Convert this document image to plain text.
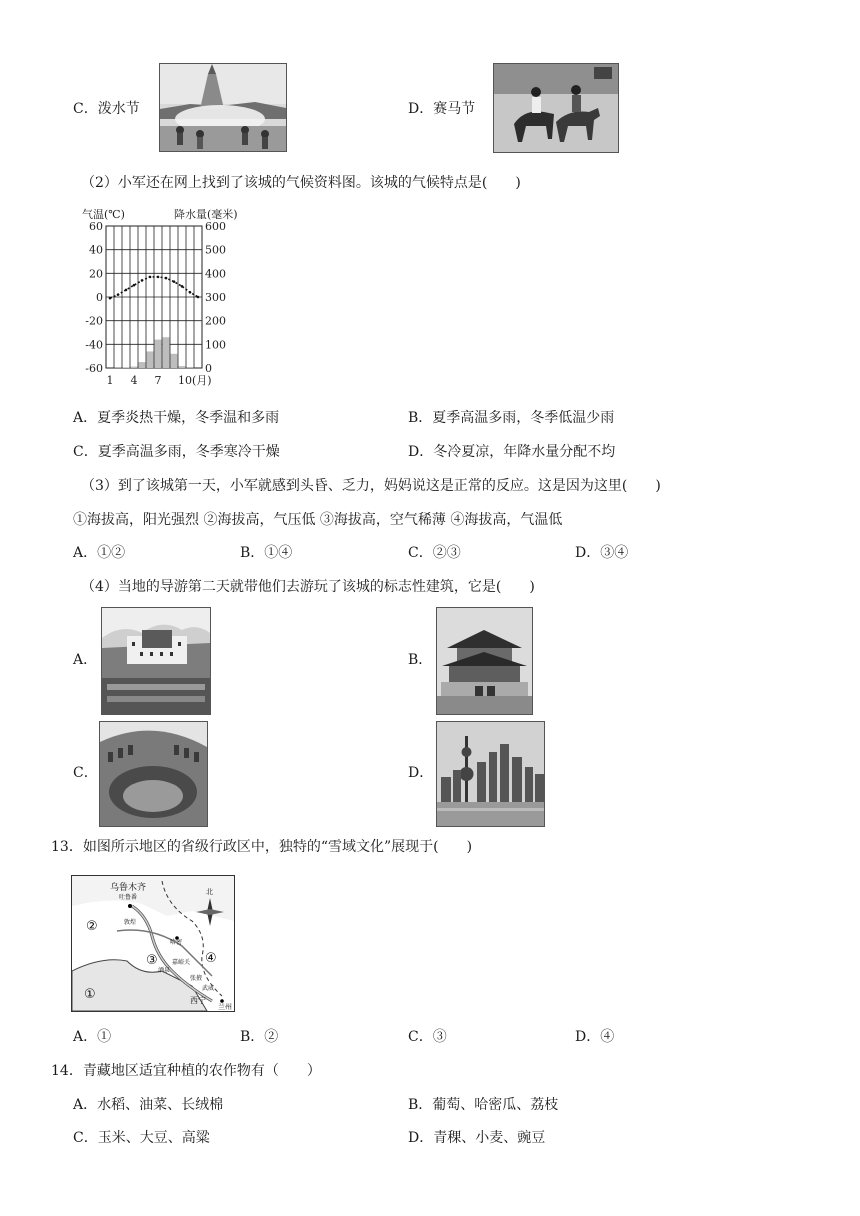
C．泼水节	D．赛马节
（2）小军还在网上找到了该城的气候资料图。该城的气候特点是(　　)
气温(℃)	降水量(毫米)
60
40
20
0
-20
-40
-60
600
500
400
300
200
100
0
1 4 7 10(月)
A．夏季炎热干燥，冬季温和多雨	B．夏季高温多雨，冬季低温少雨
C．夏季高温多雨，冬季寒冷干燥	D．冬冷夏凉，年降水量分配不均
（3）到了该城第一天，小军就感到头昏、乏力，妈妈说这是正常的反应。这是因为这里(　　)
①海拔高，阳光强烈 ②海拔高，气压低 ③海拔高，空气稀薄 ④海拔高，气温低
A．①②	B．①④	C．②③	D．③④
（4）当地的导游第二天就带他们去游玩了该城的标志性建筑，它是(　　)
A．	B．
C．	D．
13．如图所示地区的省级行政区中，独特的“雪域文化”展现于(　　)
乌鲁木齐
吐鲁番
哈密
敦煌
嘉峪关
酒泉
张掖
武威
西宁
兰州
北
①
②
③	④
A．①	B．②	C．③	D．④
14．青藏地区适宜种植的农作物有（　　）
A．水稻、油菜、长绒棉	B．葡萄、哈密瓜、荔枝
C．玉米、大豆、高粱	D．青稞、小麦、豌豆
